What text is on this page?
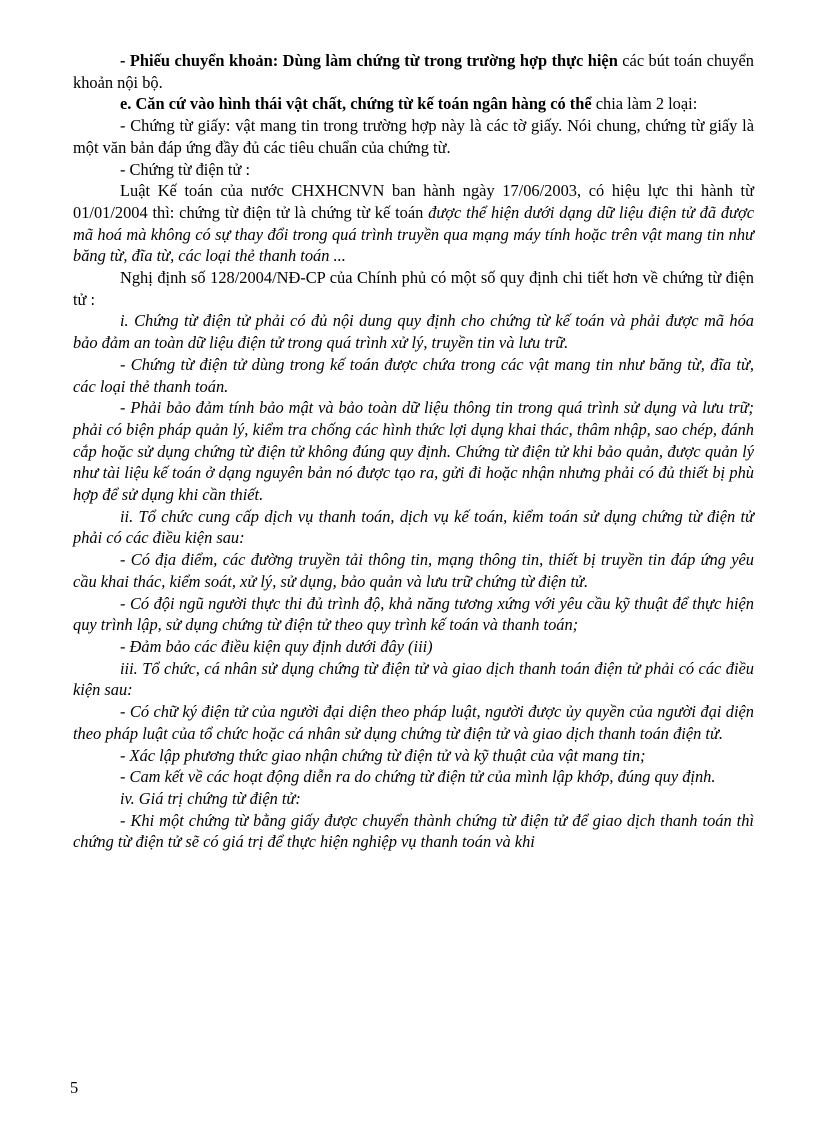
- Phiếu chuyển khoản: Dùng làm chứng từ trong trường hợp thực hiện các bút toán chuyển khoản nội bộ.

e. Căn cứ vào hình thái vật chất, chứng từ kế toán ngân hàng có thể chia làm 2 loại:

- Chứng từ giấy: vật mang tin trong trường hợp này là các tờ giấy. Nói chung, chứng từ giấy là một văn bản đáp ứng đầy đủ các tiêu chuẩn của chứng từ.

- Chứng từ điện tử :

Luật Kế toán của nước CHXHCNVN ban hành ngày 17/06/2003, có hiệu lực thi hành từ 01/01/2004 thì: chứng từ điện tử là chứng từ kế toán được thể hiện dưới dạng dữ liệu điện tử đã được mã hoá mà không có sự thay đổi trong quá trình truyền qua mạng máy tính hoặc trên vật mang tin như băng từ, đĩa từ, các loại thẻ thanh toán ...

Nghị định số 128/2004/NĐ-CP của Chính phủ có một số quy định chi tiết hơn về chứng từ điện tử :

i. Chứng từ điện tử phải có đủ nội dung quy định cho chứng từ kế toán và phải được mã hóa bảo đảm an toàn dữ liệu điện tử trong quá trình xử lý, truyền tin và lưu trữ.

- Chứng từ điện tử dùng trong kế toán được chứa trong các vật mang tin như băng từ, đĩa từ, các loại thẻ thanh toán.

- Phải bảo đảm tính bảo mật và bảo toàn dữ liệu thông tin trong quá trình sử dụng và lưu trữ; phải có biện pháp quản lý, kiểm tra chống các hình thức lợi dụng khai thác, thâm nhập, sao chép, đánh cắp hoặc sử dụng chứng từ điện tử không đúng quy định. Chứng từ điện tử khi bảo quản, được quản lý như tài liệu kế toán ở dạng nguyên bản nó được tạo ra, gửi đi hoặc nhận nhưng phải có đủ thiết bị phù hợp để sử dụng khi cần thiết.

ii. Tổ chức cung cấp dịch vụ thanh toán, dịch vụ kế toán, kiểm toán sử dụng chứng từ điện tử phải có các điều kiện sau:

- Có địa điểm, các đường truyền tải thông tin, mạng thông tin, thiết bị truyền tin đáp ứng yêu cầu khai thác, kiểm soát, xử lý, sử dụng, bảo quản và lưu trữ chứng từ điện tử.

- Có đội ngũ người thực thi đủ trình độ, khả năng tương xứng với yêu cầu kỹ thuật để thực hiện quy trình lập, sử dụng chứng từ điện tử theo quy trình kế toán và thanh toán;

- Đảm bảo các điều kiện quy định dưới đây (iii)

iii. Tổ chức, cá nhân sử dụng chứng từ điện tử và giao dịch thanh toán điện tử phải có các điều kiện sau:

- Có chữ ký điện tử của người đại diện theo pháp luật, người được ủy quyền của người đại diện theo pháp luật của tổ chức hoặc cá nhân sử dụng chứng từ điện tử và giao dịch thanh toán điện tử.

- Xác lập phương thức giao nhận chứng từ điện tử và kỹ thuật của vật mang tin;

- Cam kết về các hoạt động diễn ra do chứng từ điện tử của mình lập khớp, đúng quy định.

iv. Giá trị chứng từ điện tử:

- Khi một chứng từ bằng giấy được chuyển thành chứng từ điện tử để giao dịch thanh toán thì chứng từ điện tử sẽ có giá trị để thực hiện nghiệp vụ thanh toán và khi

5
